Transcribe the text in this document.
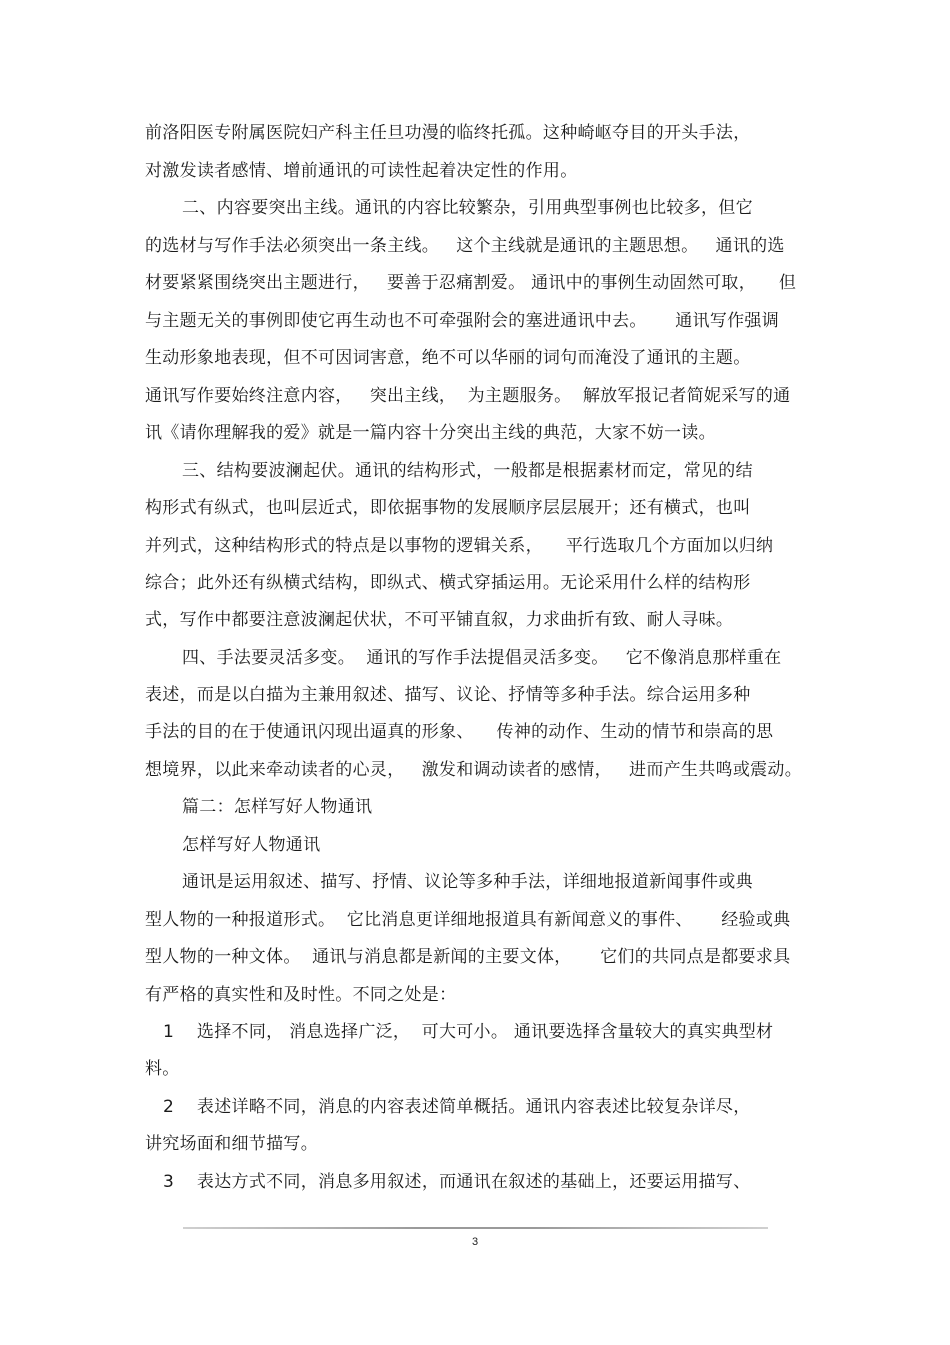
前洛阳医专附属医院妇产科主任旦功漫的临终托孤。这种崎岖夺目的开头手法，
对激发读者感情、增前通讯的可读性起着决定性的作用。
二、内容要突出主线。通讯的内容比较繁杂，引用典型事例也比较多，但它
的选材与写作手法必须突出一条主线。   这个主线就是通讯的主题思想。   通讯的选
材要紧紧围绕突出主题进行，   要善于忍痛割爱。 通讯中的事例生动固然可取，    但
与主题无关的事例即使它再生动也不可牵强附会的塞进通讯中去。     通讯写作强调
生动形象地表现，但不可因词害意，绝不可以华丽的词句而淹没了通讯的主题。
通讯写作要始终注意内容，   突出主线，  为主题服务。  解放军报记者简妮采写的通
讯《请你理解我的爱》就是一篇内容十分突出主线的典范，大家不妨一读。
三、结构要波澜起伏。通讯的结构形式，一般都是根据素材而定，常见的结
构形式有纵式，也叫层近式，即依据事物的发展顺序层层展开；还有横式，也叫
并列式，这种结构形式的特点是以事物的逻辑关系，    平行选取几个方面加以归纳
综合；此外还有纵横式结构，即纵式、横式穿插运用。无论采用什么样的结构形
式，写作中都要注意波澜起伏状，不可平铺直叙，力求曲折有致、耐人寻味。
四、手法要灵活多变。  通讯的写作手法提倡灵活多变。   它不像消息那样重在
表述，而是以白描为主兼用叙述、描写、议论、抒情等多种手法。综合运用多种
手法的目的在于使通讯闪现出逼真的形象、    传神的动作、生动的情节和崇高的思
想境界，以此来牵动读者的心灵，   激发和调动读者的感情，   进而产生共鸣或震动。
篇二：怎样写好人物通讯
怎样写好人物通讯
通讯是运用叙述、描写、抒情、议论等多种手法，详细地报道新闻事件或典
型人物的一种报道形式。  它比消息更详细地报道具有新闻意义的事件、     经验或典
型人物的一种文体。  通讯与消息都是新闻的主要文体，     它们的共同点是都要求具
有严格的真实性和及时性。不同之处是：
1    选择不同， 消息选择广泛，  可大可小。 通讯要选择含量较大的真实典型材
料。
2    表述详略不同，消息的内容表述简单概括。通讯内容表述比较复杂详尽，
讲究场面和细节描写。
3    表达方式不同，消息多用叙述，而通讯在叙述的基础上，还要运用描写、
3
